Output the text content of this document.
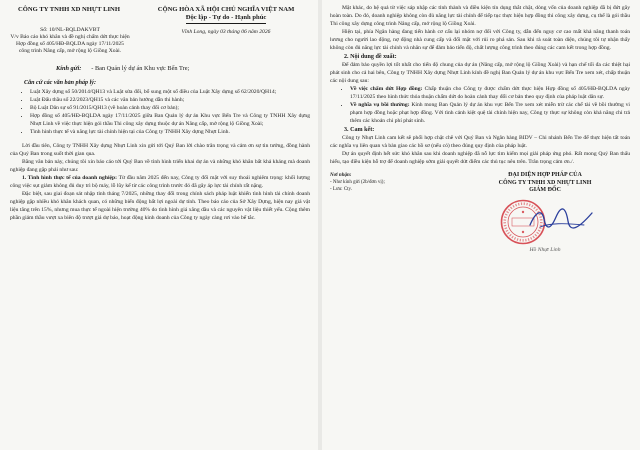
CÔNG TY TNHH XD NHỰT LINH	CỘNG HÒA XÃ HỘI CHỦ NGHĨA VIỆT NAM
Độc lập - Tự do - Hạnh phúc
Số: 10/NL-BQLDAKVBT
V/v Báo cáo khó khăn và đề nghị chấm dứt thực hiện Hợp đồng số 405/HĐ-BQLDA ngày 17/11/2025 công trình Nâng cấp, mở rộng lộ Giồng Xoài.
Vĩnh Long, ngày 03 tháng 06 năm 2026
Kính gửi: - Ban Quản lý dự án Khu vực Bến Tre;
Căn cứ các văn bản pháp lý:
• Luật Xây dựng số 50/2014/QH13 và Luật sửa đổi, bổ sung một số điều của Luật Xây dựng số 62/2020/QH14;
• Luật Đấu thầu số 22/2023/QH15 và các văn bản hướng dẫn thi hành;
• Bộ Luật Dân sự số 91/2015/QH13 (về hoàn cảnh thay đổi cơ bản);
• Hợp đồng số 405/HĐ-BQLDA ngày 17/11/2025 giữa Ban Quản lý dự án Khu vực Bến Tre và Công ty TNHH Xây dựng Nhựt Linh về việc thực hiện gói thầu Thi công xây dựng thuộc dự án Nâng cấp, mở rộng lộ Giồng Xoài;
• Tình hình thực tế và năng lực tài chính hiện tại của Công ty TNHH Xây dựng Nhựt Linh.

Lời đầu tiên, Công ty TNHH Xây dựng Nhựt Linh xin gửi tới Quý Ban lời chào trân trọng và cảm ơn sự tin tưởng, đồng hành của Quý Ban trong suốt thời gian qua.

Bằng văn bản này, chúng tôi xin báo cáo tới Quý Ban về tình hình triển khai dự án và những khó khăn bất khả kháng mà doanh nghiệp đang gặp phải như sau:

1. Tình hình thực tế của doanh nghiệp: Từ đầu năm 2025 đến nay, Công ty đối mặt với suy thoái nghiêm trọng: khối lượng công việc sụt giảm không đủ duy trì bộ máy, lỗ lũy kế từ các công trình trước đó đã gây áp lực tài chính rất nặng.

Đặc biệt, sau giai đoạn sát nhập tỉnh tháng 7/2025, những thay đổi trong chính sách pháp luật khiến tình hình tài chính doanh nghiệp gặp nhiều khó khăn khách quan, có những biến động bất lợi ngoài dự tính. Theo báo cáo của Sở Xây Dựng, hiện nay giá vật liệu tăng trên 15%, nhưng mua thực tế ngoài hiện trường 40% do tình hình giá xăng dầu và các nguyên vật liệu thiết yếu. Cộng thêm phần giảm thầu vượt xa biên độ trượt giá dự báo, hoạt động kinh doanh của Công ty ngày càng rơi vào bế tắc.

Mặt khác, do hệ quả từ việc sáp nhập các tỉnh thành và điều kiện tín dụng thắt chặt, dòng vốn của doanh nghiệp đã bị đứt gãy hoàn toàn. Do đó, doanh nghiệp không còn đủ năng lực tài chính để tiếp tục thực hiện hợp đồng thi công xây dựng, cụ thể là gói thầu Thi công xây dựng công trình Nâng cấp, mở rộng lộ Giồng Xoài.

Hiện tại, phía Ngân hàng đang tiến hành cơ cấu lại nhóm nợ đối với Công ty, dẫn đến nguy cơ cao mất khả năng thanh toán lương cho người lao động, nợ động nhà cung cấp và đối mặt với rủi ro phá sản. Sau khi rà soát toàn diện, chúng tôi tự nhận thấy không còn đủ năng lực tài chính và nhân sự để đảm bảo tiến độ, chất lượng công trình theo đúng các cam kết trong hợp đồng.

2. Nội dung đề xuất:

Để đảm bảo quyền lợi tốt nhất cho tiến độ chung của dự án (Nâng cấp, mở rộng lộ Giồng Xoài) và hạn chế tối đa các thiệt hại phát sinh cho cả hai bên, Công ty TNHH Xây dựng Nhựt Linh kính đề nghị Ban Quản lý dự án khu vực Bến Tre xem xét, chấp thuận các nội dung sau:

• Về việc chấm dứt Hợp đồng: Chấp thuận cho Công ty được chấm dứt thực hiện Hợp đồng số 405/HĐ-BQLDA ngày 17/11/2025 theo hình thức thỏa thuận chấm dứt do hoàn cảnh thay đổi cơ bản theo quy định của pháp luật dân sự.
• Về nghĩa vụ bồi thường: Kính mong Ban Quản lý dự án khu vực Bến Tre xem xét miễn trừ các chế tài về bồi thường vi phạm hợp đồng hoặc phạt hợp đồng. Với tình cảnh kiệt quệ tài chính hiện nay, Công ty thực sự không còn khả năng chi trả thêm các khoản chi phí phát sinh.
3. Cam kết:

Công ty Nhựt Linh cam kết sẽ phối hợp chặt chẽ với Quý Ban và Ngân hàng BIDV – Chi nhánh Bến Tre để thực hiện tất toán các nghĩa vụ liên quan và bàn giao các hồ sơ (nếu có) theo đúng quy định của pháp luật.

Dự án quyết định hết sức khó khăn sau khi doanh nghiệp đã nỗ lực tìm kiếm mọi giải pháp ứng phó. Rất mong Quý Ban thấu hiểu, tạo điều kiện hỗ trợ để doanh nghiệp sớm giải quyết dứt điểm các thủ tục nêu trên. Trân trọng cảm ơn./.

Nơi nhận:
- Như kính gửi (2b/đơn vị);
- Lưu: Cty.
ĐẠI DIỆN HỢP PHÁP CỦA
CÔNG TY TNHH XD NHỰT LINH
GIÁM ĐỐC
Hồ Nhựt Linh
